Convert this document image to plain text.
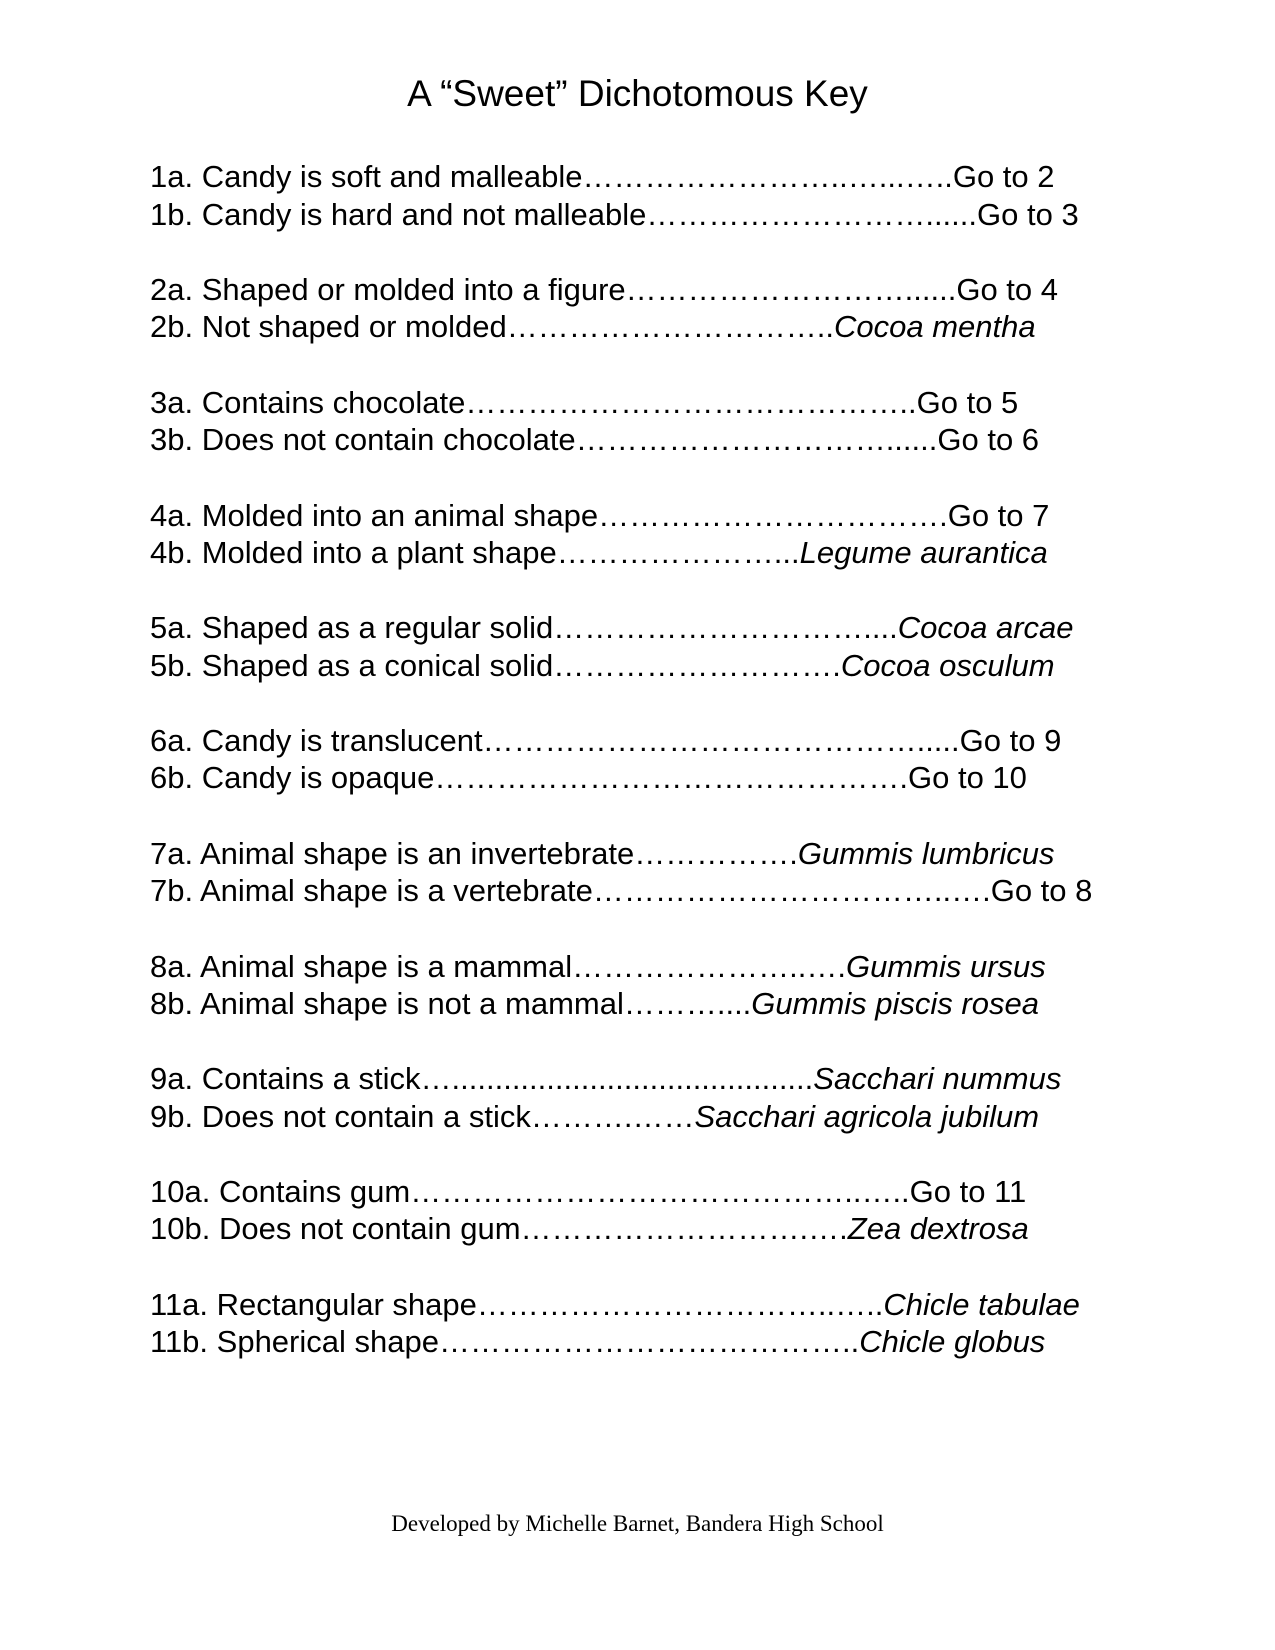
A “Sweet” Dichotomous Key
1a. Candy is soft and malleable……………………..…...…..Go to 2
1b. Candy is hard and not malleable………………………......Go to 3
2a. Shaped or molded into a figure………………………......Go to 4
2b. Not shaped or molded…………………………..Cocoa mentha
3a. Contains chocolate……………………………………..Go to 5
3b. Does not contain chocolate…………………………......Go to 6
4a. Molded into an animal shape…………………………….Go to 7
4b. Molded into a plant shape…………………...Legume aurantica
5a. Shaped as a regular solid…………………………....Cocoa arcae
5b. Shaped as a conical solid……………………….Cocoa osculum
6a. Candy is translucent…………………………………….....Go to 9
6b. Candy is opaque……………………………………….Go to 10
7a. Animal shape is an invertebrate…………….Gummis lumbricus
7b. Animal shape is a vertebrate……………………………..….Go to 8
8a. Animal shape is a mammal…………………..….Gummis ursus
8b. Animal shape is not a mammal………....Gummis piscis rosea
9a. Contains a stick…..........................................Sacchari nummus
9b. Does not contain a stick……….……Sacchari agricola jubilum
10a. Contains gum……………………………………..…..Go to 11
10b. Does not contain gum……………………….….Zea dextrosa
11a. Rectangular shape……………………………..…..Chicle tabulae
11b. Spherical shape…………………………………..Chicle globus
Developed by Michelle Barnet, Bandera High School
